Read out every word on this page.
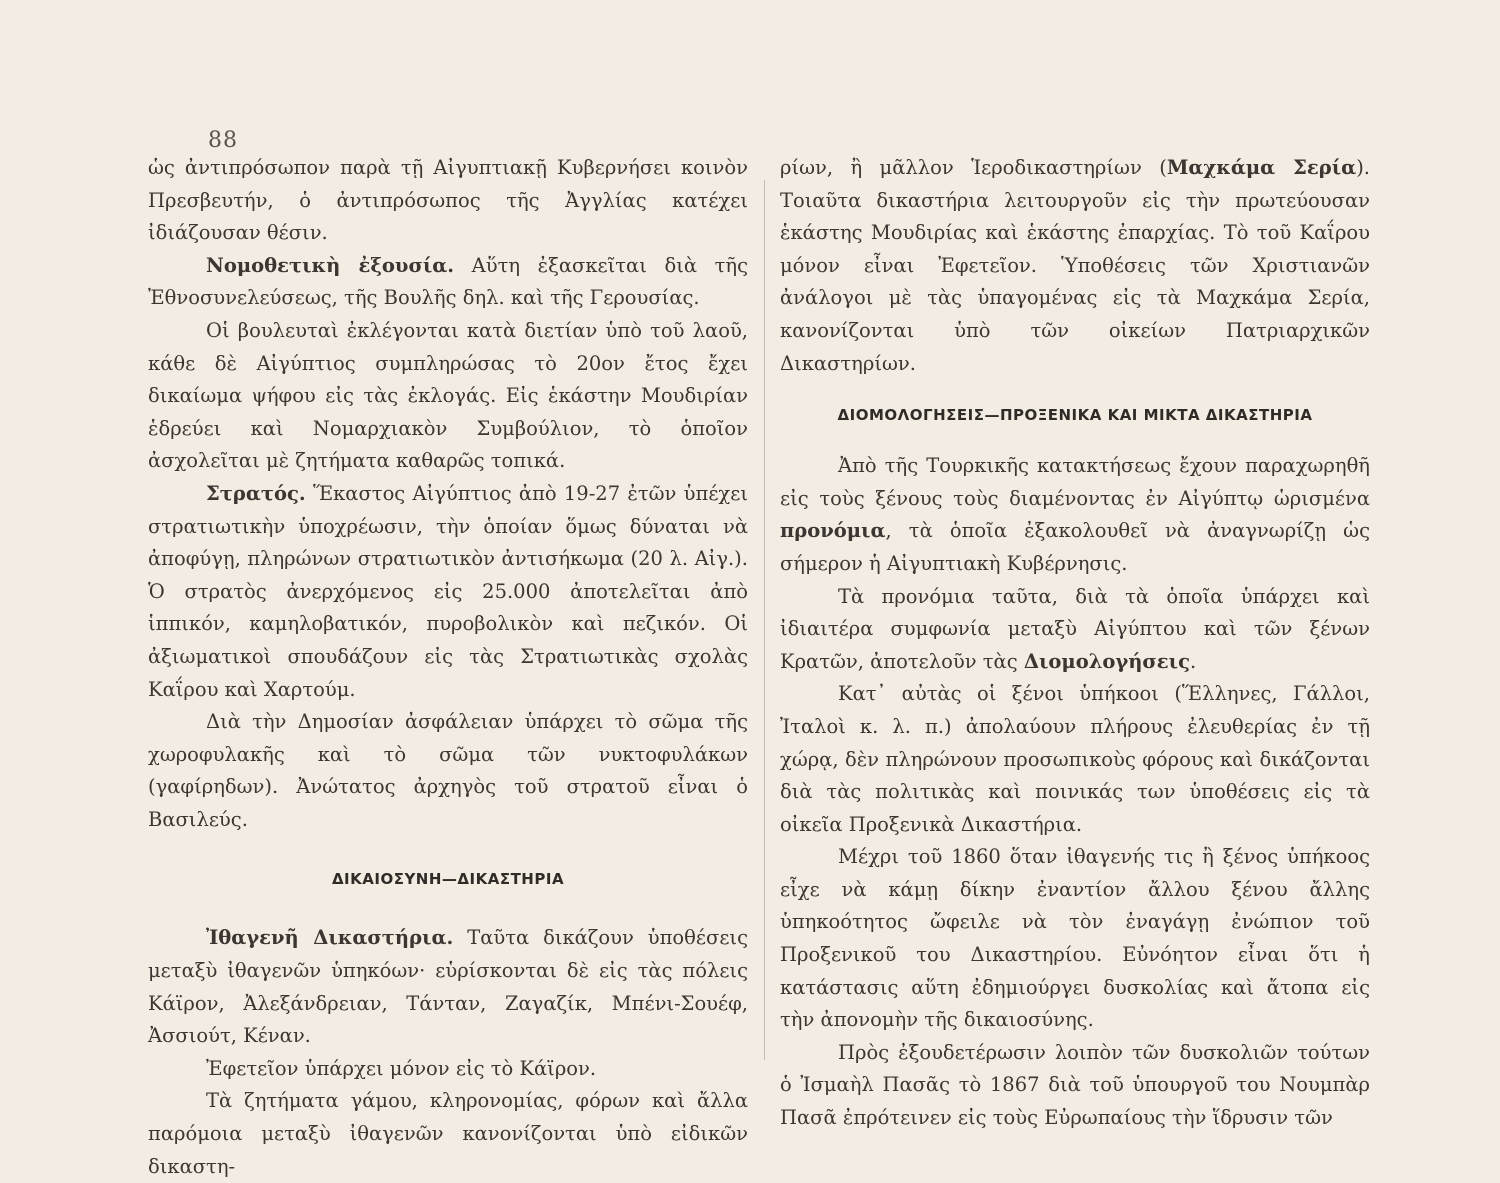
88

ὡς ἀντιπρόσωπον παρὰ τῇ Αἰγυπτιακῇ Κυβερνήσει κοινὸν Πρεσβευτήν, ὁ ἀντιπρόσωπος τῆς Ἀγγλίας κατέχει ἰδιάζουσαν θέσιν.

Νομοθετικὴ ἐξουσία. Αὕτη ἐξασκεῖται διὰ τῆς Ἐθνοσυνελεύσεως, τῆς Βουλῆς δηλ. καὶ τῆς Γερουσίας.

Οἱ βουλευταὶ ἐκλέγονται κατὰ διετίαν ὑπὸ τοῦ λαοῦ, κάθε δὲ Αἰγύπτιος συμπληρώσας τὸ 20ον ἔτος ἔχει δικαίωμα ψήφου εἰς τὰς ἐκλογάς. Εἰς ἑκάστην Μουδιρίαν ἑδρεύει καὶ Νομαρχιακὸν Συμβούλιον, τὸ ὁποῖον ἀσχολεῖται μὲ ζητήματα καθαρῶς τοπικά.

Στρατός. Ἕκαστος Αἰγύπτιος ἀπὸ 19-27 ἐτῶν ὑπέχει στρατιωτικὴν ὑποχρέωσιν, τὴν ὁποίαν ὅμως δύναται νὰ ἀποφύγῃ, πληρώνων στρατιωτικὸν ἀντισήκωμα (20 λ. Αἰγ.). Ὁ στρατὸς ἀνερχόμενος εἰς 25.000 ἀποτελεῖται ἀπὸ ἱππικόν, καμηλοβατικόν, πυροβολικὸν καὶ πεζικόν. Οἱ ἀξιωματικοὶ σπουδάζουν εἰς τὰς Στρατιωτικὰς σχολὰς Καΐρου καὶ Χαρτούμ.

Διὰ τὴν Δημοσίαν ἀσφάλειαν ὑπάρχει τὸ σῶμα τῆς χωροφυλακῆς καὶ τὸ σῶμα τῶν νυκτοφυλάκων (γαφίρηδων). Ἀνώτατος ἀρχηγὸς τοῦ στρατοῦ εἶναι ὁ Βασιλεύς.

ΔΙΚΑΙΟΣΥΝΗ—ΔΙΚΑΣΤΗΡΙΑ

Ἰθαγενῆ Δικαστήρια. Ταῦτα δικάζουν ὑποθέσεις μεταξὺ ἰθαγενῶν ὑπηκόων· εὑρίσκονται δὲ εἰς τὰς πόλεις Κάϊρον, Ἀλεξάνδρειαν, Τάνταν, Ζαγαζίκ, Μπένι-Σουέφ, Ἀσσιούτ, Κέναν.

Ἐφετεῖον ὑπάρχει μόνον εἰς τὸ Κάϊρον.

Τὰ ζητήματα γάμου, κληρονομίας, φόρων καὶ ἄλλα παρόμοια μεταξὺ ἰθαγενῶν κανονίζονται ὑπὸ εἰδικῶν δικαστη-

ρίων, ἢ μᾶλλον Ἱεροδικαστηρίων (Μαχκάμα Σερία). Τοιαῦτα δικαστήρια λειτουργοῦν εἰς τὴν πρωτεύουσαν ἑκάστης Μουδιρίας καὶ ἑκάστης ἐπαρχίας. Τὸ τοῦ Καΐρου μόνον εἶναι Ἐφετεῖον. Ὑποθέσεις τῶν Χριστιανῶν ἀνάλογοι μὲ τὰς ὑπαγομένας εἰς τὰ Μαχκάμα Σερία, κανονίζονται ὑπὸ τῶν οἰκείων Πατριαρχικῶν Δικαστηρίων.

ΔΙΟΜΟΛΟΓΗΣΕΙΣ—ΠΡΟΞΕΝΙΚΑ ΚΑΙ ΜΙΚΤΑ ΔΙΚΑΣΤΗΡΙΑ

Ἀπὸ τῆς Τουρκικῆς κατακτήσεως ἔχουν παραχωρηθῆ εἰς τοὺς ξένους τοὺς διαμένοντας ἐν Αἰγύπτῳ ὡρισμένα προνόμια, τὰ ὁποῖα ἐξακολουθεῖ νὰ ἀναγνωρίζῃ ὡς σήμερον ἡ Αἰγυπτιακὴ Κυβέρνησις.

Τὰ προνόμια ταῦτα, διὰ τὰ ὁποῖα ὑπάρχει καὶ ἰδιαιτέρα συμφωνία μεταξὺ Αἰγύπτου καὶ τῶν ξένων Κρατῶν, ἀποτελοῦν τὰς Διομολογήσεις.

Κατ᾽ αὐτὰς οἱ ξένοι ὑπήκοοι (Ἕλληνες, Γάλλοι, Ἰταλοὶ κ. λ. π.) ἀπολαύουν πλήρους ἐλευθερίας ἐν τῇ χώρᾳ, δὲν πληρώνουν προσωπικοὺς φόρους καὶ δικάζονται διὰ τὰς πολιτικὰς καὶ ποινικάς των ὑποθέσεις εἰς τὰ οἰκεῖα Προξενικὰ Δικαστήρια.

Μέχρι τοῦ 1860 ὅταν ἰθαγενής τις ἢ ξένος ὑπήκοος εἶχε νὰ κάμῃ δίκην ἐναντίον ἄλλου ξένου ἄλλης ὑπηκοότητος ὤφειλε νὰ τὸν ἐναγάγῃ ἐνώπιον τοῦ Προξενικοῦ του Δικαστηρίου. Εὐνόητον εἶναι ὅτι ἡ κατάστασις αὕτη ἐδημιούργει δυσκολίας καὶ ἄτοπα εἰς τὴν ἀπονομὴν τῆς δικαιοσύνης.

Πρὸς ἐξουδετέρωσιν λοιπὸν τῶν δυσκολιῶν τούτων ὁ Ἰσμαὴλ Πασᾶς τὸ 1867 διὰ τοῦ ὑπουργοῦ του Νουμπὰρ Πασᾶ ἐπρότεινεν εἰς τοὺς Εὐρωπαίους τὴν ἵδρυσιν τῶν
